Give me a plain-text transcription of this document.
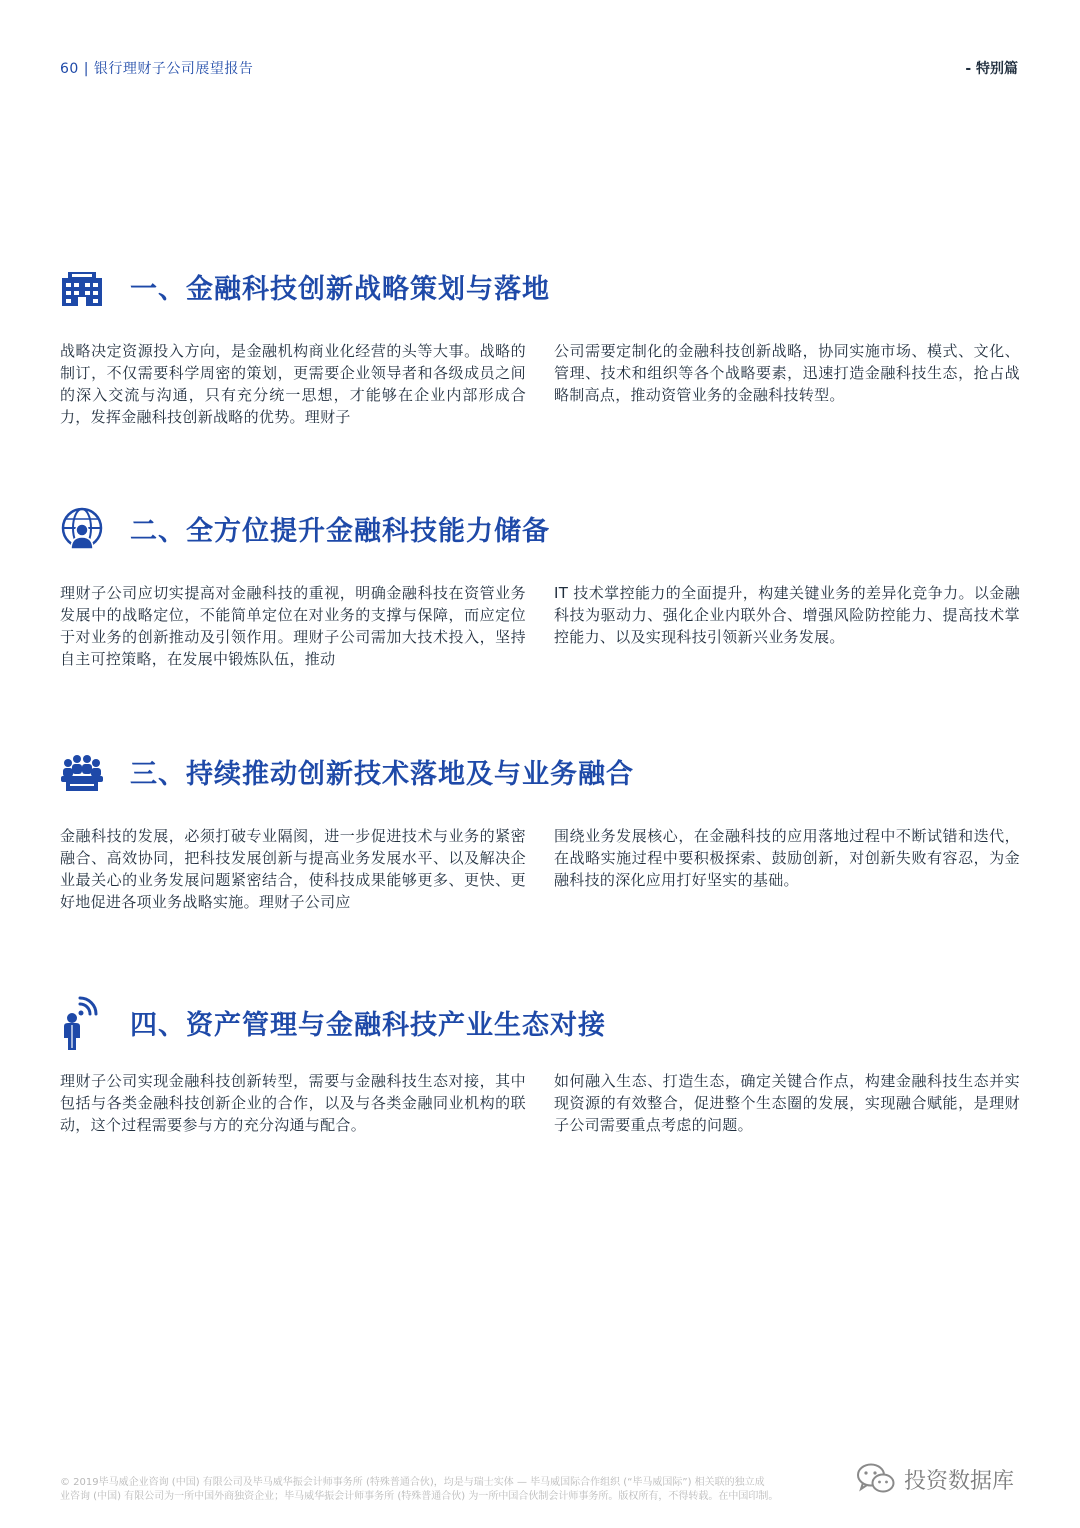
60 | 银行理财子公司展望报告	- 特别篇
一、金融科技创新战略策划与落地
战略决定资源投入方向，是金融机构商业化经营的头等大事。战略的制订，不仅需要科学周密的策划，更需要企业领导者和各级成员之间的深入交流与沟通，只有充分统一思想，才能够在企业内部形成合力，发挥金融科技创新战略的优势。理财子
公司需要定制化的金融科技创新战略，协同实施市场、模式、文化、管理、技术和组织等各个战略要素，迅速打造金融科技生态，抢占战略制高点，推动资管业务的金融科技转型。
二、全方位提升金融科技能力储备
理财子公司应切实提高对金融科技的重视，明确金融科技在资管业务发展中的战略定位，不能简单定位在对业务的支撑与保障，而应定位于对业务的创新推动及引领作用。理财子公司需加大技术投入，坚持自主可控策略，在发展中锻炼队伍，推动
IT 技术掌控能力的全面提升，构建关键业务的差异化竞争力。以金融科技为驱动力、强化企业内联外合、增强风险防控能力、提高技术掌控能力、以及实现科技引领新兴业务发展。
三、持续推动创新技术落地及与业务融合
金融科技的发展，必须打破专业隔阂，进一步促进技术与业务的紧密融合、高效协同，把科技发展创新与提高业务发展水平、以及解决企业最关心的业务发展问题紧密结合，使科技成果能够更多、更快、更好地促进各项业务战略实施。理财子公司应
围绕业务发展核心，在金融科技的应用落地过程中不断试错和迭代，在战略实施过程中要积极探索、鼓励创新，对创新失败有容忍，为金融科技的深化应用打好坚实的基础。
四、资产管理与金融科技产业生态对接
理财子公司实现金融科技创新转型，需要与金融科技生态对接，其中包括与各类金融科技创新企业的合作，以及与各类金融同业机构的联动，这个过程需要参与方的充分沟通与配合。
如何融入生态、打造生态，确定关键合作点，构建金融科技生态并实现资源的有效整合，促进整个生态圈的发展，实现融合赋能，是理财子公司需要重点考虑的问题。
© 2019毕马威企业咨询 (中国) 有限公司及毕马威华振会计师事务所 (特殊普通合伙)，均是与瑞士实体 — 毕马威国际合作组织 (“毕马威国际”) 相关联的独立成
业咨询 (中国) 有限公司为一所中国外商独资企业；毕马威华振会计师事务所 (特殊普通合伙) 为一所中国合伙制会计师事务所。版权所有，不得转载。在中国印制。
投资数据库
